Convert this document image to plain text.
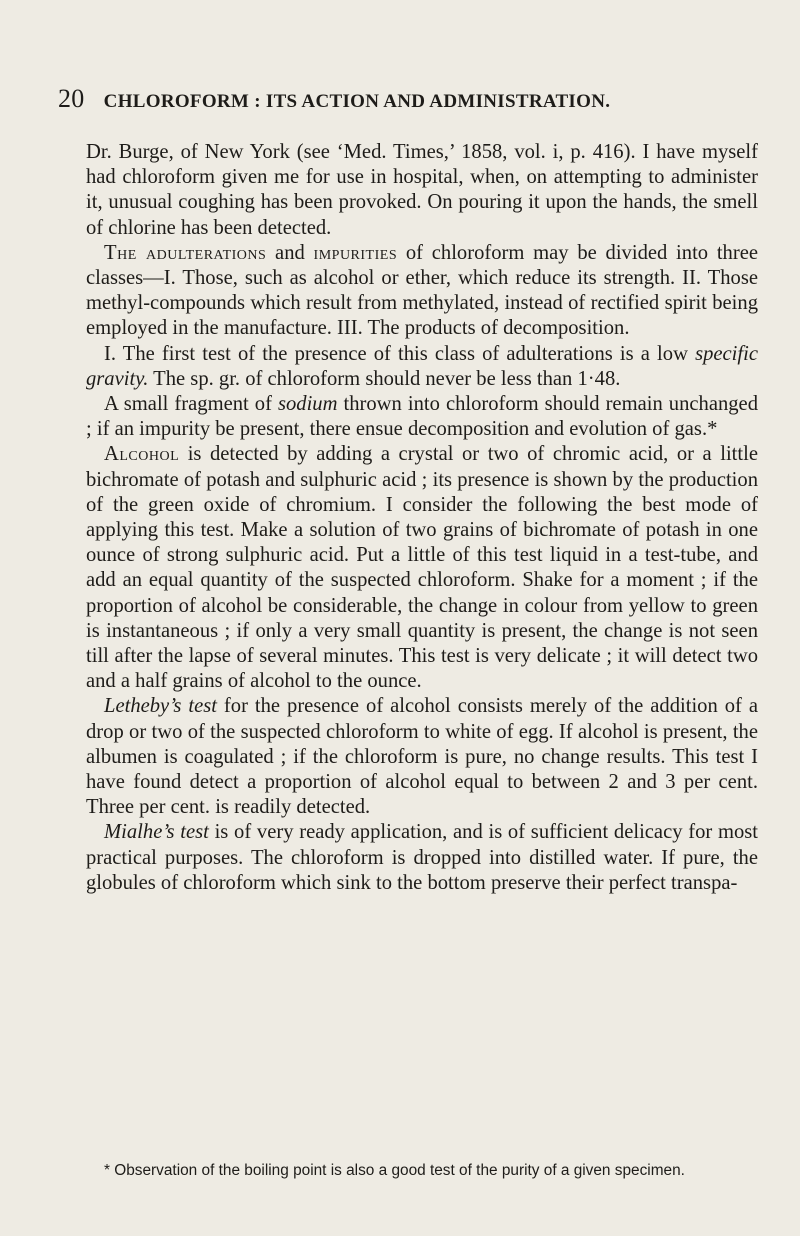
20 CHLOROFORM : ITS ACTION AND ADMINISTRATION.

Dr. Burge, of New York (see ‘Med. Times,’ 1858, vol. i, p. 416). I have myself had chloroform given me for use in hospital, when, on attempting to administer it, unusual coughing has been provoked. On pouring it upon the hands, the smell of chlorine has been detected.

The adulterations and impurities of chloroform may be divided into three classes—I. Those, such as alcohol or ether, which reduce its strength. II. Those methyl-compounds which result from methylated, instead of rectified spirit being employed in the manufacture. III. The products of decomposition.

I. The first test of the presence of this class of adulterations is a low specific gravity. The sp. gr. of chloroform should never be less than 1·48.

A small fragment of sodium thrown into chloroform should remain unchanged ; if an impurity be present, there ensue decomposition and evolution of gas.*

Alcohol is detected by adding a crystal or two of chromic acid, or a little bichromate of potash and sulphuric acid ; its presence is shown by the production of the green oxide of chromium. I consider the following the best mode of applying this test. Make a solution of two grains of bichromate of potash in one ounce of strong sulphuric acid. Put a little of this test liquid in a test-tube, and add an equal quantity of the suspected chloroform. Shake for a moment ; if the proportion of alcohol be considerable, the change in colour from yellow to green is instantaneous ; if only a very small quantity is present, the change is not seen till after the lapse of several minutes. This test is very delicate ; it will detect two and a half grains of alcohol to the ounce.

Letheby’s test for the presence of alcohol consists merely of the addition of a drop or two of the suspected chloroform to white of egg. If alcohol is present, the albumen is coagulated ; if the chloroform is pure, no change results. This test I have found detect a proportion of alcohol equal to between 2 and 3 per cent. Three per cent. is readily detected.

Mialhe’s test is of very ready application, and is of sufficient delicacy for most practical purposes. The chloroform is dropped into distilled water. If pure, the globules of chloroform which sink to the bottom preserve their perfect transpa-

* Observation of the boiling point is also a good test of the purity of a given specimen.
